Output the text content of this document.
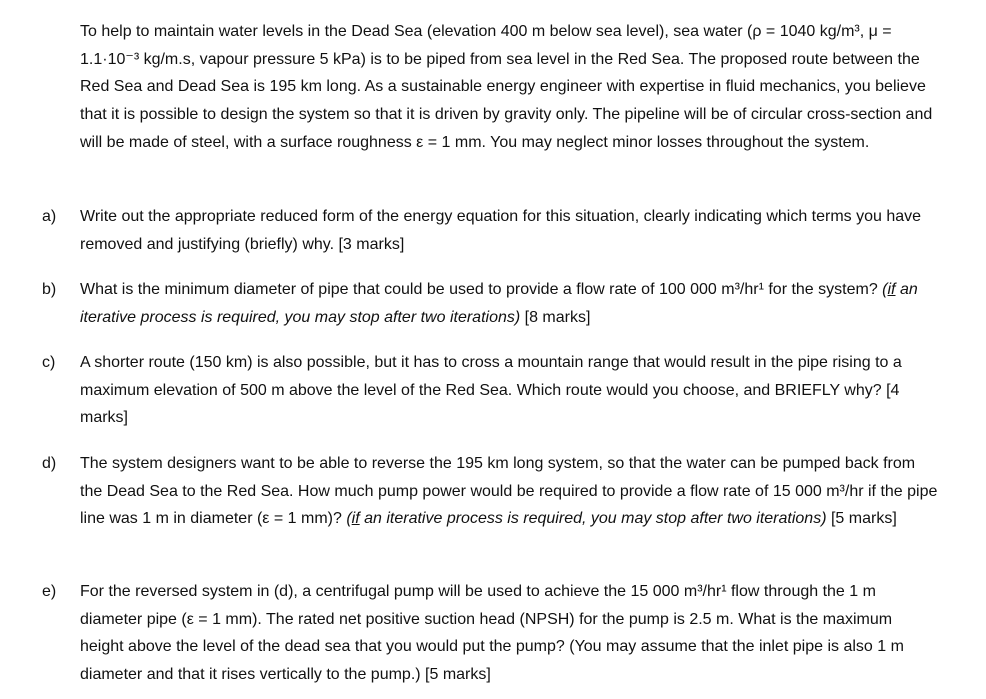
To help to maintain water levels in the Dead Sea (elevation 400 m below sea level), sea water (ρ = 1040 kg/m³, μ = 1.1·10⁻³ kg/m.s, vapour pressure 5 kPa) is to be piped from sea level in the Red Sea. The proposed route between the Red Sea and Dead Sea is 195 km long. As a sustainable energy engineer with expertise in fluid mechanics, you believe that it is possible to design the system so that it is driven by gravity only. The pipeline will be of circular cross-section and will be made of steel, with a surface roughness ε = 1 mm. You may neglect minor losses throughout the system.

a) Write out the appropriate reduced form of the energy equation for this situation, clearly indicating which terms you have removed and justifying (briefly) why. [3 marks]

b) What is the minimum diameter of pipe that could be used to provide a flow rate of 100 000 m³/hr¹ for the system? (if an iterative process is required, you may stop after two iterations) [8 marks]

c) A shorter route (150 km) is also possible, but it has to cross a mountain range that would result in the pipe rising to a maximum elevation of 500 m above the level of the Red Sea. Which route would you choose, and BRIEFLY why? [4 marks]

d) The system designers want to be able to reverse the 195 km long system, so that the water can be pumped back from the Dead Sea to the Red Sea. How much pump power would be required to provide a flow rate of 15 000 m³/hr if the pipe line was 1 m in diameter (ε = 1 mm)? (if an iterative process is required, you may stop after two iterations) [5 marks]

e) For the reversed system in (d), a centrifugal pump will be used to achieve the 15 000 m³/hr¹ flow through the 1 m diameter pipe (ε = 1 mm). The rated net positive suction head (NPSH) for the pump is 2.5 m. What is the maximum height above the level of the dead sea that you would put the pump? (You may assume that the inlet pipe is also 1 m diameter and that it rises vertically to the pump.) [5 marks]
